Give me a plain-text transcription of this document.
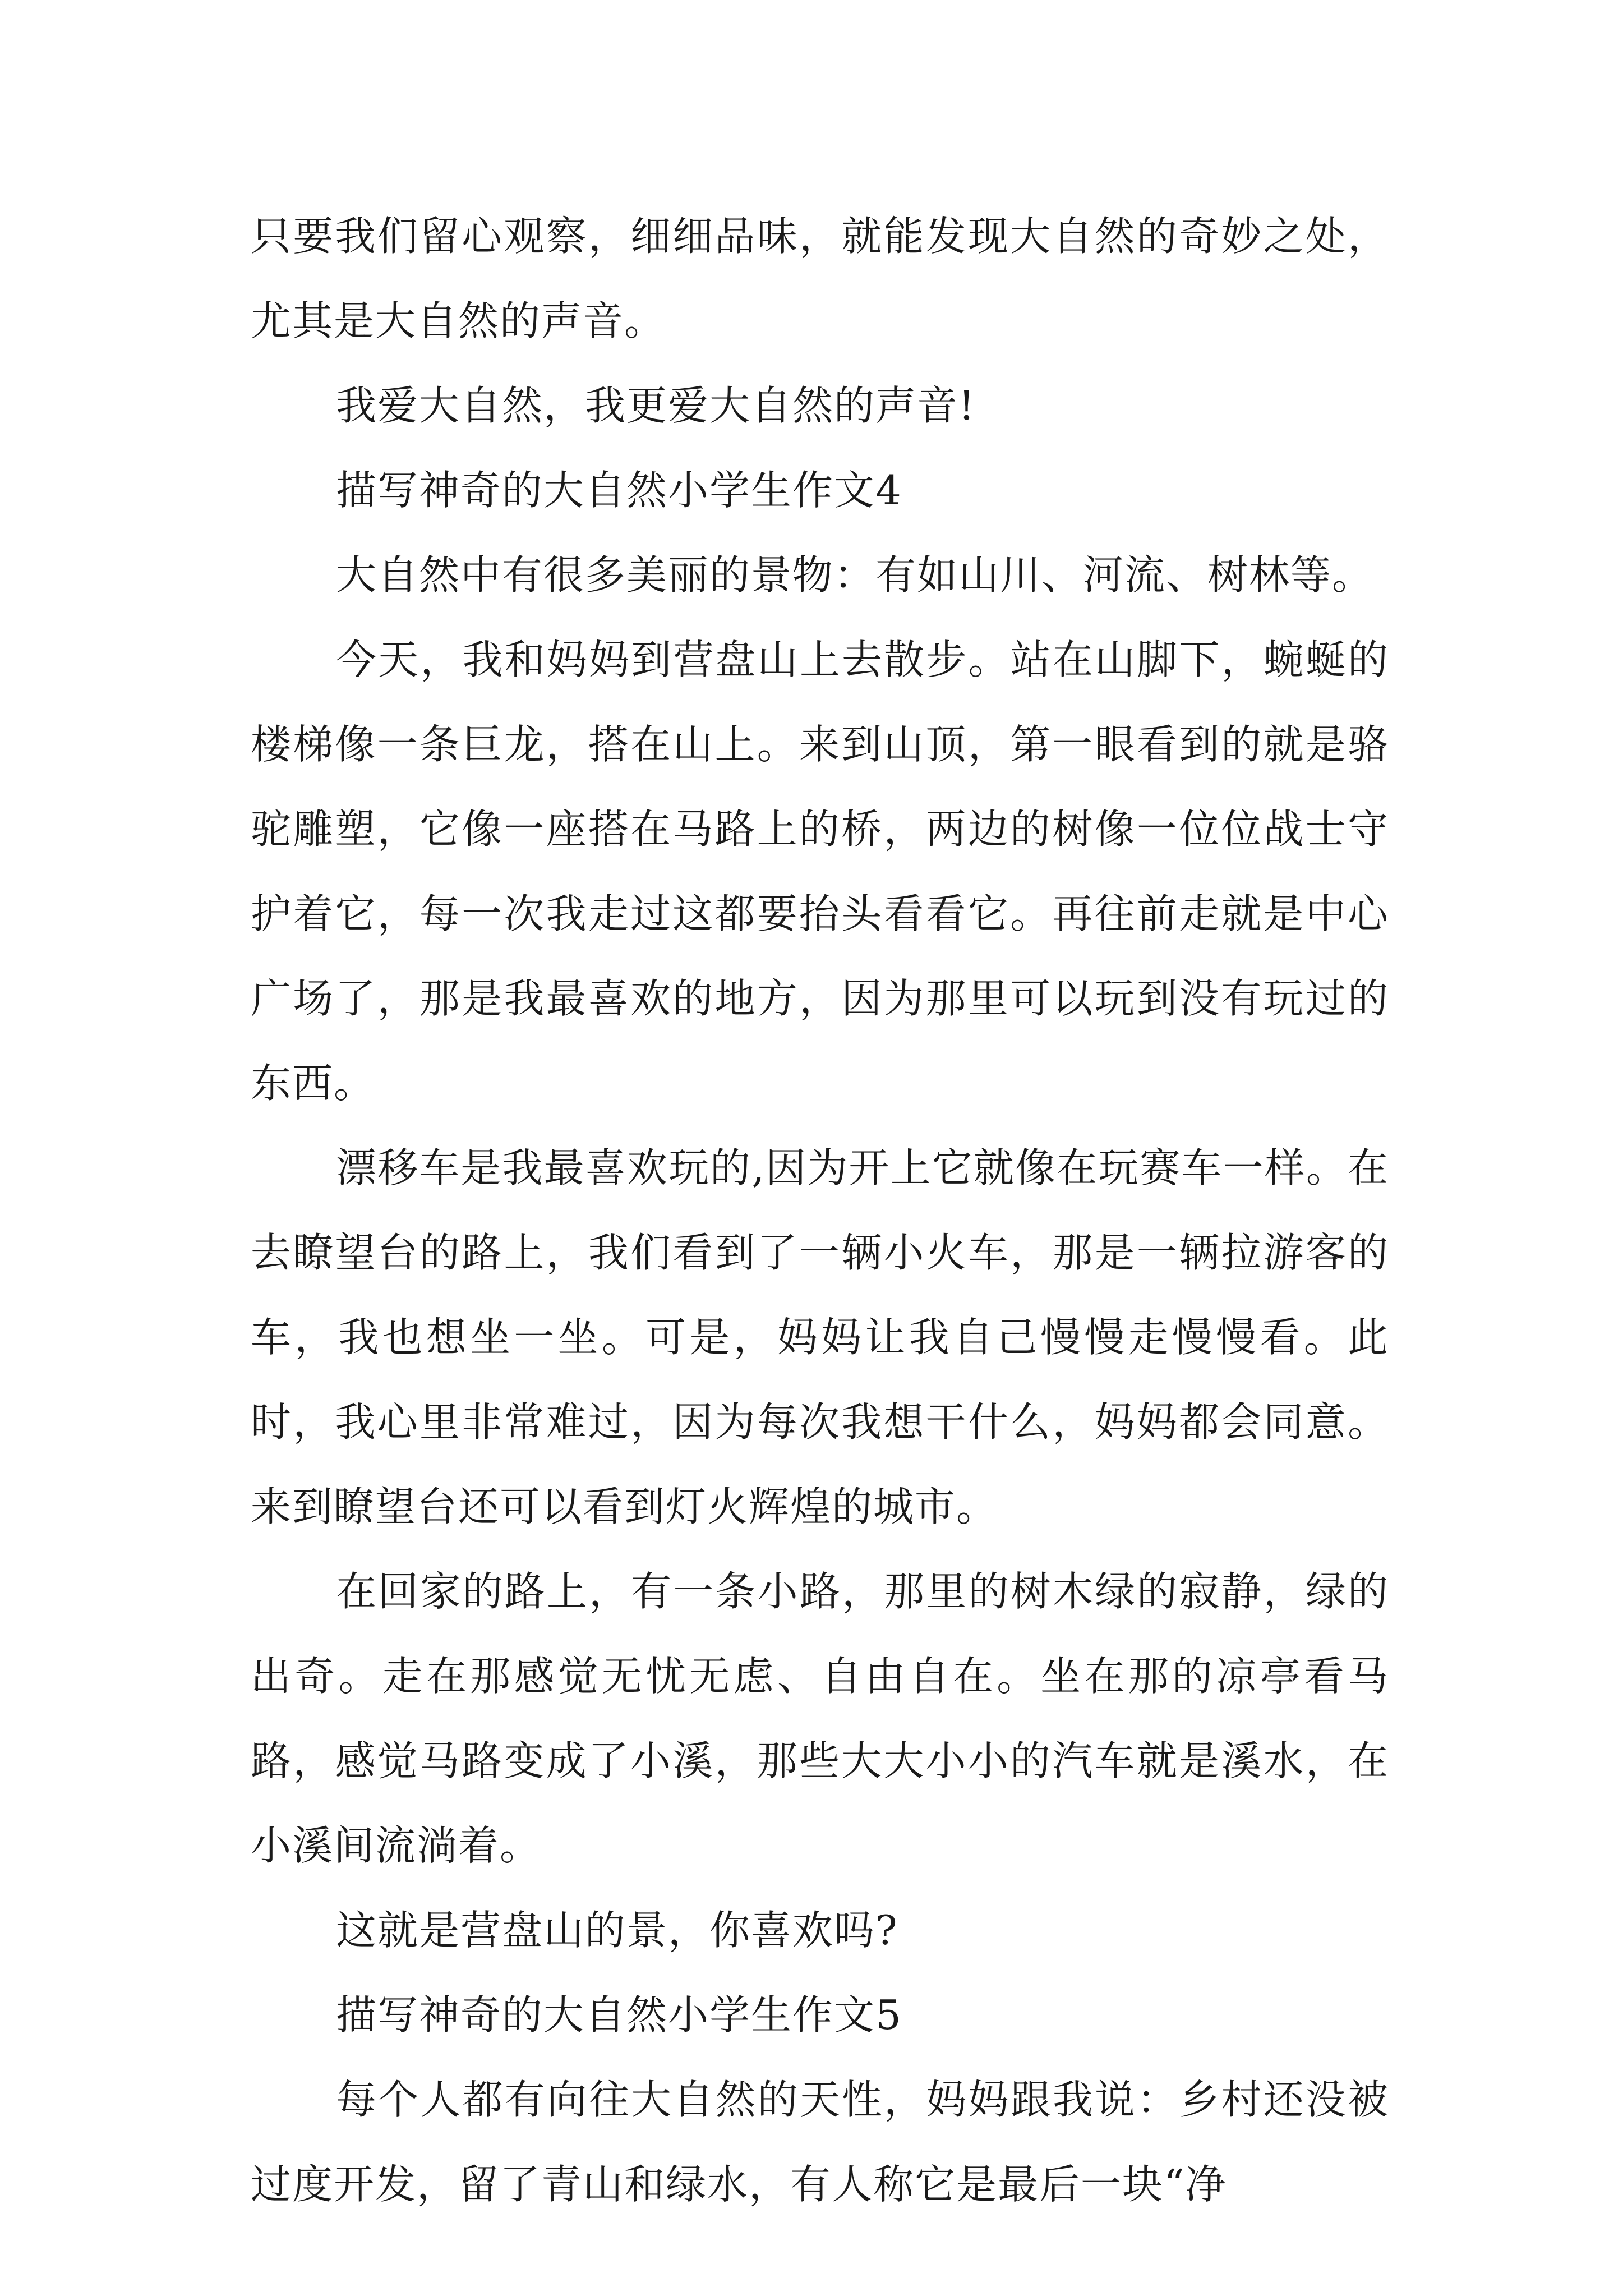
只要我们留心观察，细细品味，就能发现大自然的奇妙之处，尤其是大自然的声音。

我爱大自然，我更爱大自然的声音!

描写神奇的大自然小学生作文4

大自然中有很多美丽的景物：有如山川、河流、树林等。

今天，我和妈妈到营盘山上去散步。站在山脚下，蜿蜒的楼梯像一条巨龙，搭在山上。来到山顶，第一眼看到的就是骆驼雕塑，它像一座搭在马路上的桥，两边的树像一位位战士守护着它，每一次我走过这都要抬头看看它。再往前走就是中心广场了，那是我最喜欢的地方，因为那里可以玩到没有玩过的东西。

漂移车是我最喜欢玩的,因为开上它就像在玩赛车一样。在去瞭望台的路上，我们看到了一辆小火车，那是一辆拉游客的车，我也想坐一坐。可是，妈妈让我自己慢慢走慢慢看。此时，我心里非常难过，因为每次我想干什么，妈妈都会同意。来到瞭望台还可以看到灯火辉煌的城市。

在回家的路上，有一条小路，那里的树木绿的寂静，绿的出奇。走在那感觉无忧无虑、自由自在。坐在那的凉亭看马路，感觉马路变成了小溪，那些大大小小的汽车就是溪水，在小溪间流淌着。

这就是营盘山的景，你喜欢吗?

描写神奇的大自然小学生作文5

每个人都有向往大自然的天性，妈妈跟我说：乡村还没被过度开发，留了青山和绿水，有人称它是最后一块“净
